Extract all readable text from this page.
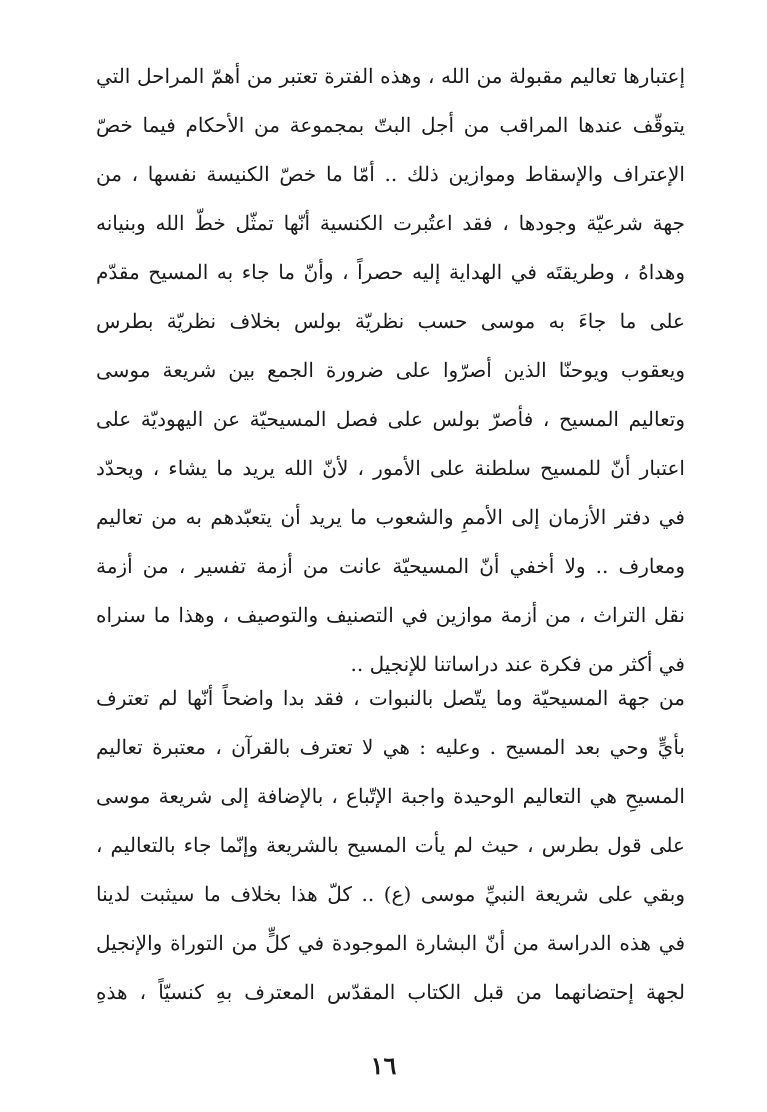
إعتبارها تعاليم مقبولة من الله ، وهذه الفترة تعتبر من أهمّ المراحل التي
يتوقّف عندها المراقب من أجل البتّ بمجموعة من الأحكام فيما خصّ
الإعتراف والإسقاط وموازين ذلك .. أمّا ما خصّ الكنيسة نفسها ، من
جهة شرعيّة وجودها ، فقد اعتُبرت الكنسية أنّها تمثّل خطّ الله وبنيانه
وهداهُ ، وطريقتَه في الهداية إليه حصراً ، وأنّ ما جاء به المسيح مقدّم
على ما جاءَ به موسى حسب نظريّة بولس بخلاف نظريّة بطرس
ويعقوب ويوحنّا الذين أصرّوا على ضرورة الجمع بين شريعة موسى
وتعاليم المسيح ، فأصرّ بولس على فصل المسيحيّة عن اليهوديّة على
اعتبار أنّ للمسيح سلطنة على الأمور ، لأنّ الله يريد ما يشاء ، ويحدّد
في دفتر الأزمان إلى الأممِ والشعوب ما يريد أن يتعبّدهم به من تعاليم
ومعارف .. ولا أخفي أنّ المسيحيّة عانت من أزمة تفسير ، من أزمة
نقل التراث ، من أزمة موازين في التصنيف والتوصيف ، وهذا ما سنراه
في أكثر من فكرة عند دراساتنا للإنجيل ..
من جهة المسيحيّة وما يتّصل بالنبوات ، فقد بدا واضحاً أنّها لم تعترف
بأيٍّ وحي بعد المسيح . وعليه : هي لا تعترف بالقرآن ، معتبرة تعاليم
المسيحِ هي التعاليم الوحيدة واجبة الإتّباع ، بالإضافة إلى شريعة موسى
على قول بطرس ، حيث لم يأت المسيح بالشريعة وإنّما جاء بالتعاليم ،
وبقي على شريعة النبيِّ موسى (ع) .. كلّ هذا بخلاف ما سيثبت لدينا
في هذه الدراسة من أنّ البشارة الموجودة في كلٍّ من التوراة والإنجيل
لجهة إحتضانهما من قبل الكتاب المقدّس المعترف بهِ كنسيّاً ، هذهِ
١٦
